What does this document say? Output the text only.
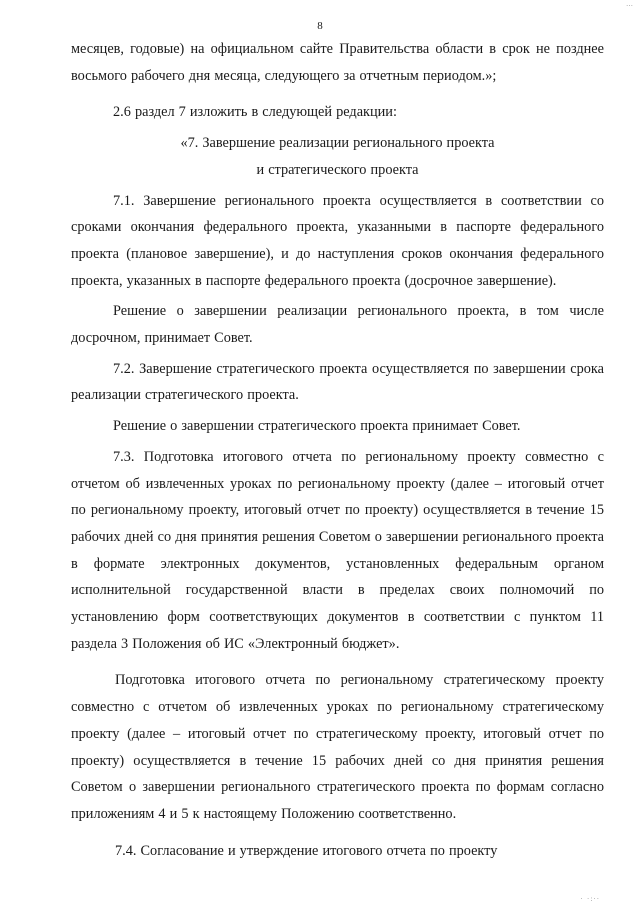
…
8

месяцев, годовые) на официальном сайте Правительства области в срок не позднее восьмого рабочего дня месяца, следующего за отчетным периодом.»;

2.6 раздел 7 изложить в следующей редакции:

«7. Завершение реализации регионального проекта

и стратегического проекта

7.1. Завершение регионального проекта осуществляется в соответствии со сроками окончания федерального проекта, указанными в паспорте федерального проекта (плановое завершение), и до наступления сроков окончания федерального проекта, указанных в паспорте федерального проекта (досрочное завершение).

Решение о завершении реализации регионального проекта, в том числе досрочном, принимает Совет.

7.2. Завершение стратегического проекта осуществляется по завершении срока реализации стратегического проекта.

Решение о завершении стратегического проекта принимает Совет.

7.3. Подготовка итогового отчета по региональному проекту совместно с отчетом об извлеченных уроках по региональному проекту (далее – итоговый отчет по региональному проекту, итоговый отчет по проекту) осуществляется в течение 15 рабочих дней со дня принятия решения Советом о завершении регионального проекта в формате электронных документов, установленных федеральным органом исполнительной государственной власти в пределах своих полномочий по установлению форм соответствующих документов в соответствии с пунктом 11 раздела 3 Положения об ИС «Электронный бюджет».

Подготовка итогового отчета по региональному стратегическому проекту совместно с отчетом об извлеченных уроках по региональному стратегическому проекту (далее – итоговый отчет по стратегическому проекту, итоговый отчет по проекту) осуществляется в течение 15 рабочих дней со дня принятия решения Советом о завершении регионального стратегического проекта по формам согласно приложениям 4 и 5 к настоящему Положению соответственно.

7.4. Согласование и утверждение итогового отчета по проекту

· ·:··
